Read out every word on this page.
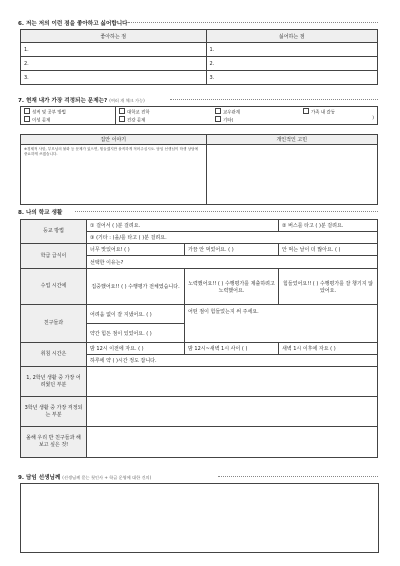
6. 저는 저의 이런 점을 좋아하고 싫어합니다
좋아하는 점	싫어하는 점
1.	1.
2.	2.
3.	3.
7. 현재 내가 가장 걱정되는 문제는? (여러 개 체크 가능)
성적 및 공부 방법	대학교 진학	교우관계	가족 내 갈등
이성 문제	건강 문제	기타( )	
집안 이야기	개인적인 고민
※경제적 사항, 부모님의 불화 등 문제가 있으면, 힘들겠지만 솔직하게 적어주십시오. 담임 선생님이 학생 상담에 중요하게 쓰겠습니다.	
8. 나의 학교 생활
등교 방법	① 걸어서 ( )분 걸려요.		② 버스를 타고 ( )분 걸려요.
	③ (기타 : )을/를 타고 ( )분 걸려요.		
학급 급식이	너무 맛있어요! ( )	가끔 안 먹었어요. ( )	안 먹는 날이 더 많아요. ( )
	선택한 이유는?		
수업 시간에	집중했어요!! ( ) 수행평가 전체였습니다.	노력했어요!! ( ) 수행평가를 제출하려고 노력했어요.	힘들었어요!! ( ) 수행평가를 잘 챙기지 않았어요.
친구들과	어려움 없이 잘 지냈어요. ( )	어떤 점이 힘들었는지 써 주세요.	
	약간 힘든 점이 있었어요. ( )		
취침 시간은	밤 12시 이전에 자요. ( )	밤 12시~새벽 1시 사이 ( )	새벽 1시 이후에 자요 ( )
	하루에 약 ( )시간 정도 잡니다.		
1, 2학년 생활 중 가장 어려웠던 부분			
3학년 생활 중 가장 걱정되는 부분			
올해 우리 반 친구들과 해 보고 싶은 것!			
9. 담임 선생님께 (선생님께 묻는 첫인사 + 학급 운영에 대한 건의)
